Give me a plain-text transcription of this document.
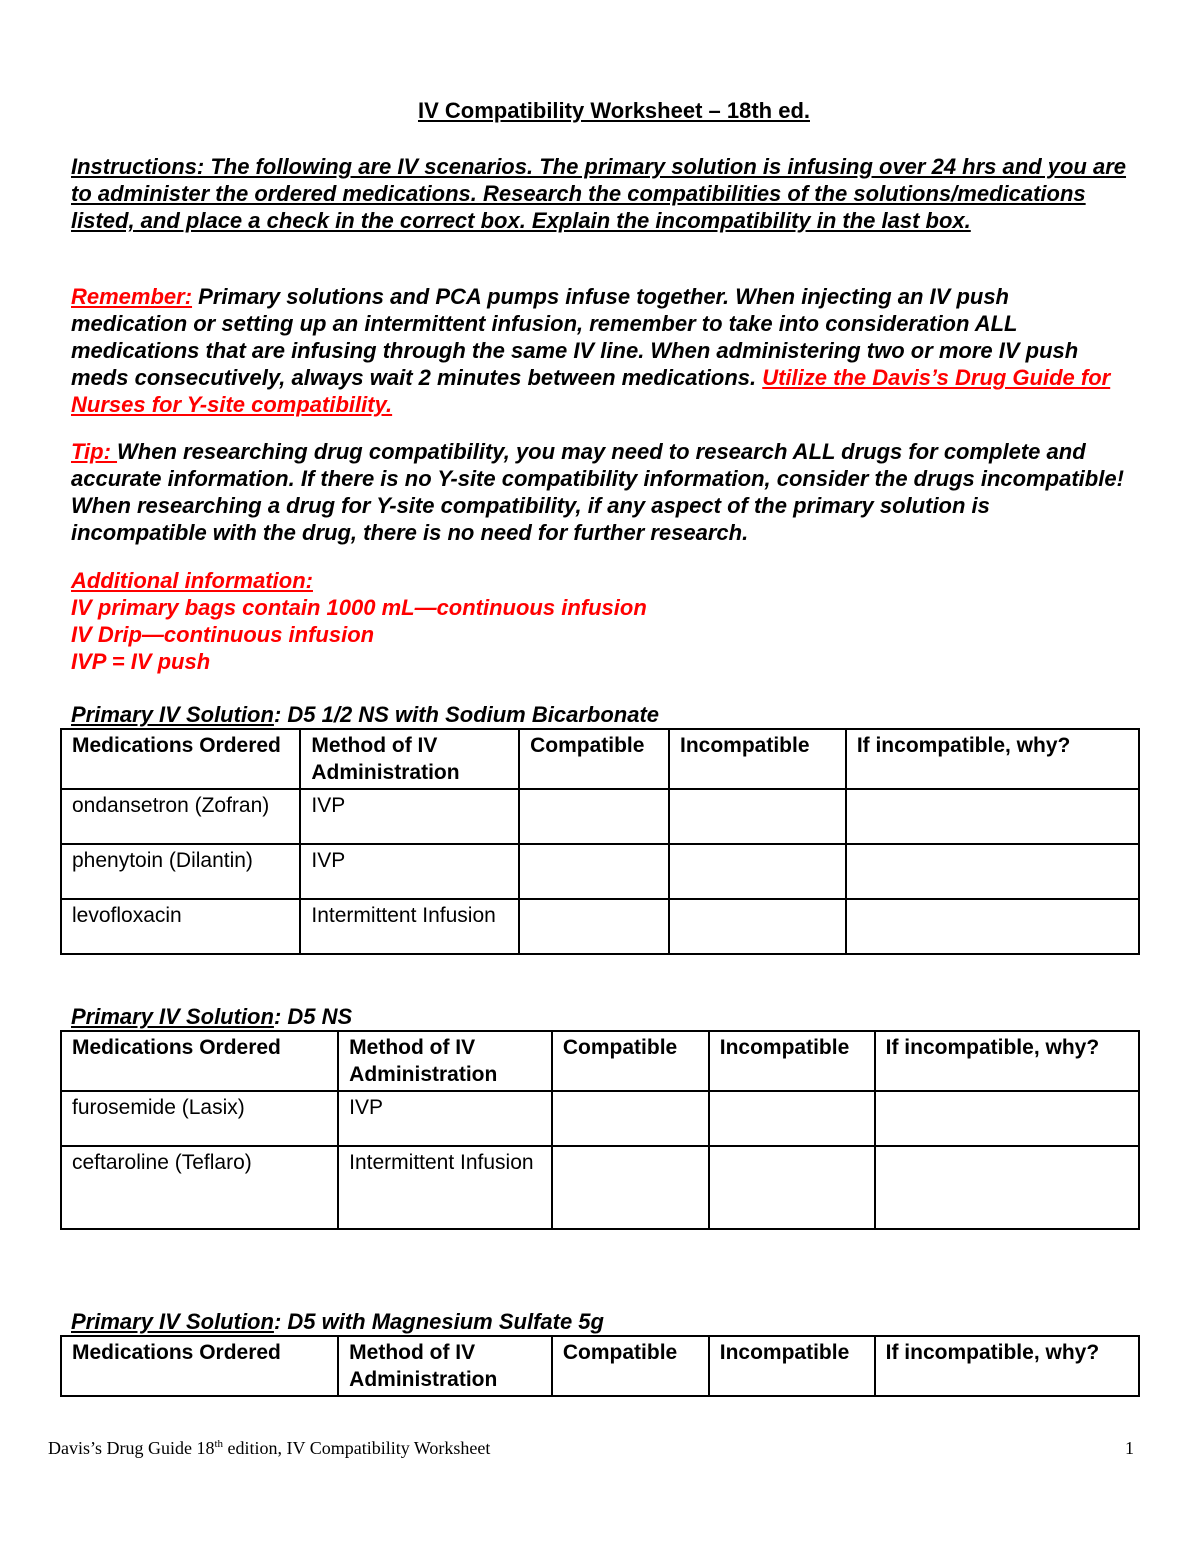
IV Compatibility Worksheet – 18th ed.
Instructions: The following are IV scenarios. The primary solution is infusing over 24 hrs and you are to administer the ordered medications. Research the compatibilities of the solutions/medications listed, and place a check in the correct box. Explain the incompatibility in the last box.
Remember: Primary solutions and PCA pumps infuse together. When injecting an IV push medication or setting up an intermittent infusion, remember to take into consideration ALL medications that are infusing through the same IV line. When administering two or more IV push meds consecutively, always wait 2 minutes between medications. Utilize the Davis’s Drug Guide for Nurses for Y-site compatibility.
Tip: When researching drug compatibility, you may need to research ALL drugs for complete and accurate information. If there is no Y-site compatibility information, consider the drugs incompatible! When researching a drug for Y-site compatibility, if any aspect of the primary solution is incompatible with the drug, there is no need for further research.
Additional information:
IV primary bags contain 1000 mL—continuous infusion
IV Drip—continuous infusion
IVP = IV push
Primary IV Solution: D5 1/2 NS with Sodium Bicarbonate
Primary IV Solution: D5 NS
Primary IV Solution: D5 with Magnesium Sulfate 5g
Medications Ordered	Method of IV Administration	Compatible	Incompatible	If incompatible, why?
ondansetron (Zofran)	IVP			
phenytoin (Dilantin)	IVP			
levofloxacin	Intermittent Infusion			
Medications Ordered	Method of IV Administration	Compatible	Incompatible	If incompatible, why?
furosemide (Lasix)	IVP			
ceftaroline (Teflaro)	Intermittent Infusion			
Medications Ordered	Method of IV Administration	Compatible	Incompatible	If incompatible, why?
Davis’s Drug Guide 18th edition, IV Compatibility Worksheet	1
